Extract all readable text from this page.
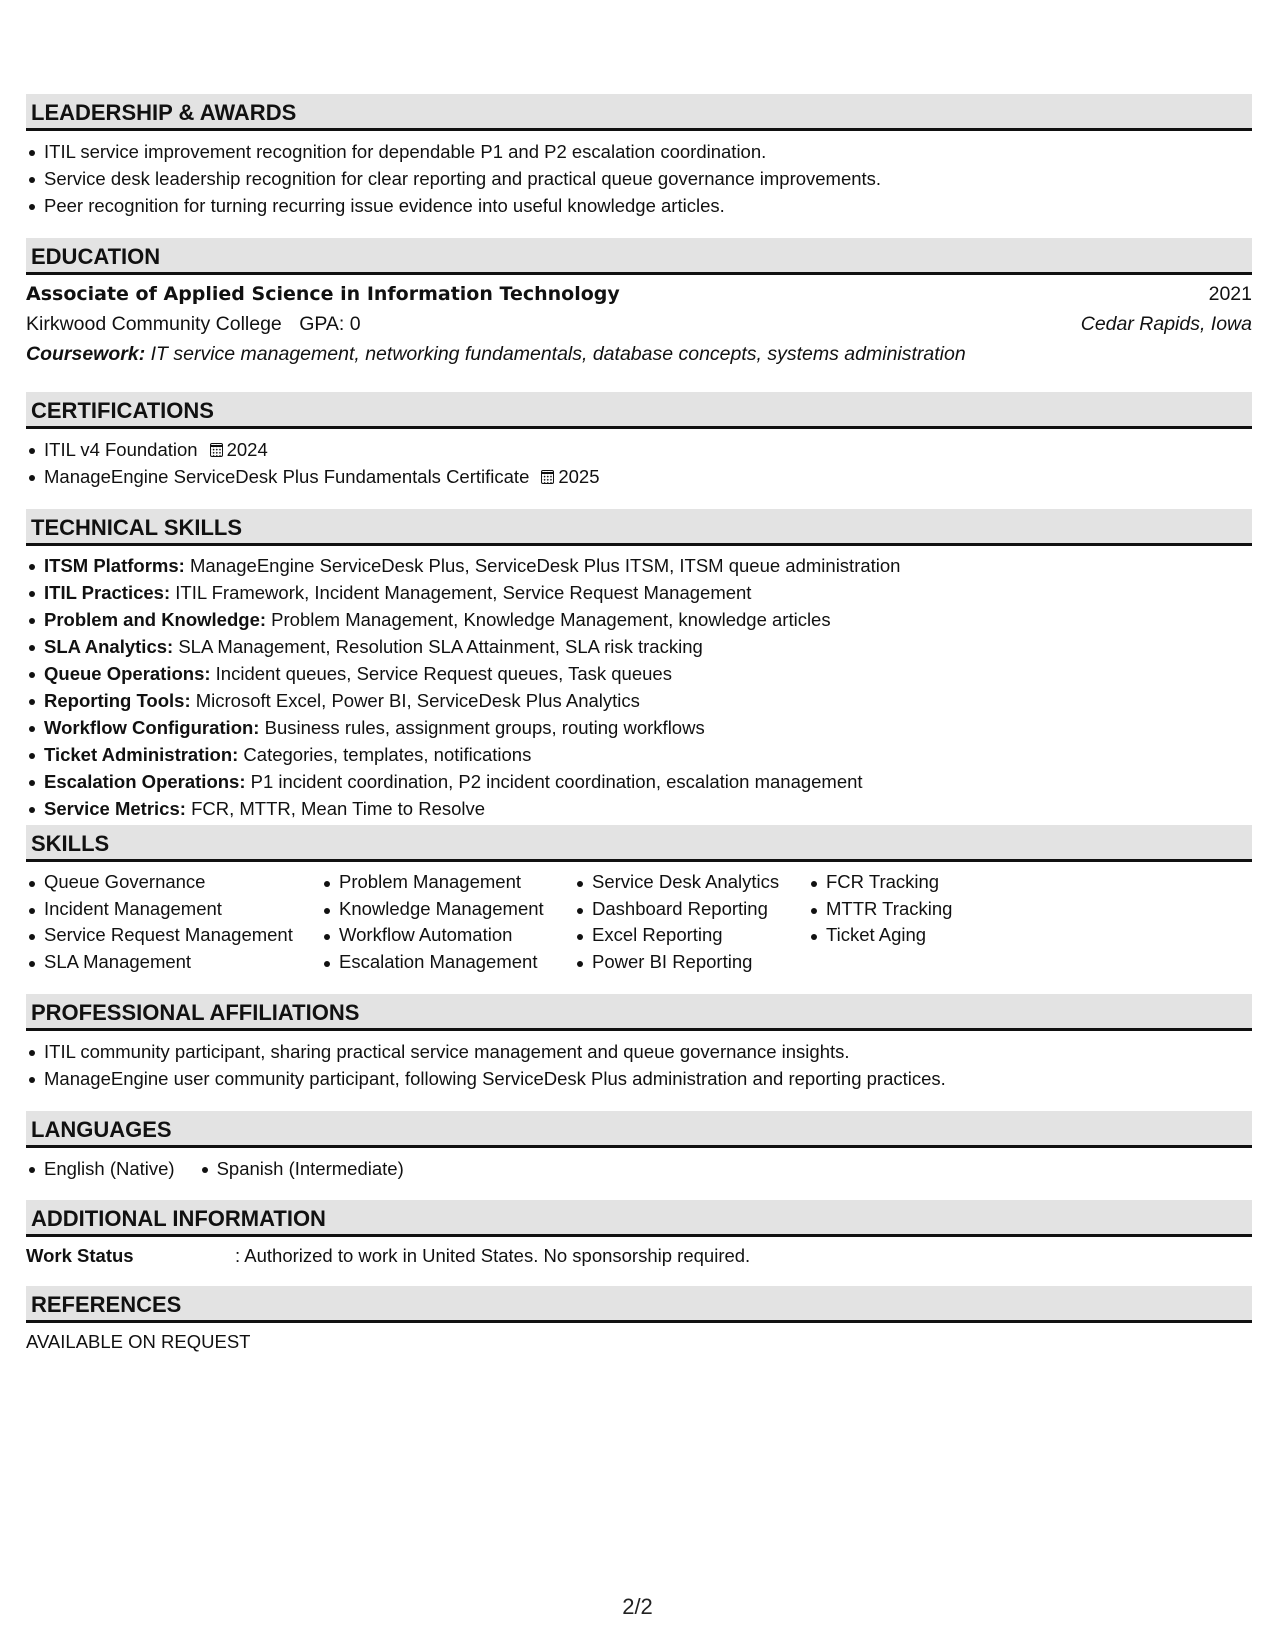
LEADERSHIP & AWARDS
ITIL service improvement recognition for dependable P1 and P2 escalation coordination.
Service desk leadership recognition for clear reporting and practical queue governance improvements.
Peer recognition for turning recurring issue evidence into useful knowledge articles.
EDUCATION
Associate of Applied Science in Information Technology	2021
Kirkwood Community College GPA: 0	Cedar Rapids, Iowa
Coursework: IT service management, networking fundamentals, database concepts, systems administration
CERTIFICATIONS
ITIL v4 Foundation 2024
ManageEngine ServiceDesk Plus Fundamentals Certificate 2025
TECHNICAL SKILLS
ITSM Platforms: ManageEngine ServiceDesk Plus, ServiceDesk Plus ITSM, ITSM queue administration
ITIL Practices: ITIL Framework, Incident Management, Service Request Management
Problem and Knowledge: Problem Management, Knowledge Management, knowledge articles
SLA Analytics: SLA Management, Resolution SLA Attainment, SLA risk tracking
Queue Operations: Incident queues, Service Request queues, Task queues
Reporting Tools: Microsoft Excel, Power BI, ServiceDesk Plus Analytics
Workflow Configuration: Business rules, assignment groups, routing workflows
Ticket Administration: Categories, templates, notifications
Escalation Operations: P1 incident coordination, P2 incident coordination, escalation management
Service Metrics: FCR, MTTR, Mean Time to Resolve
SKILLS
Queue Governance
Incident Management
Service Request Management
SLA Management
Problem Management
Knowledge Management
Workflow Automation
Escalation Management
Service Desk Analytics
Dashboard Reporting
Excel Reporting
Power BI Reporting
FCR Tracking
MTTR Tracking
Ticket Aging
PROFESSIONAL AFFILIATIONS
ITIL community participant, sharing practical service management and queue governance insights.
ManageEngine user community participant, following ServiceDesk Plus administration and reporting practices.
LANGUAGES
English (Native)	Spanish (Intermediate)
ADDITIONAL INFORMATION
Work Status	: Authorized to work in United States. No sponsorship required.
REFERENCES
AVAILABLE ON REQUEST
2/2
